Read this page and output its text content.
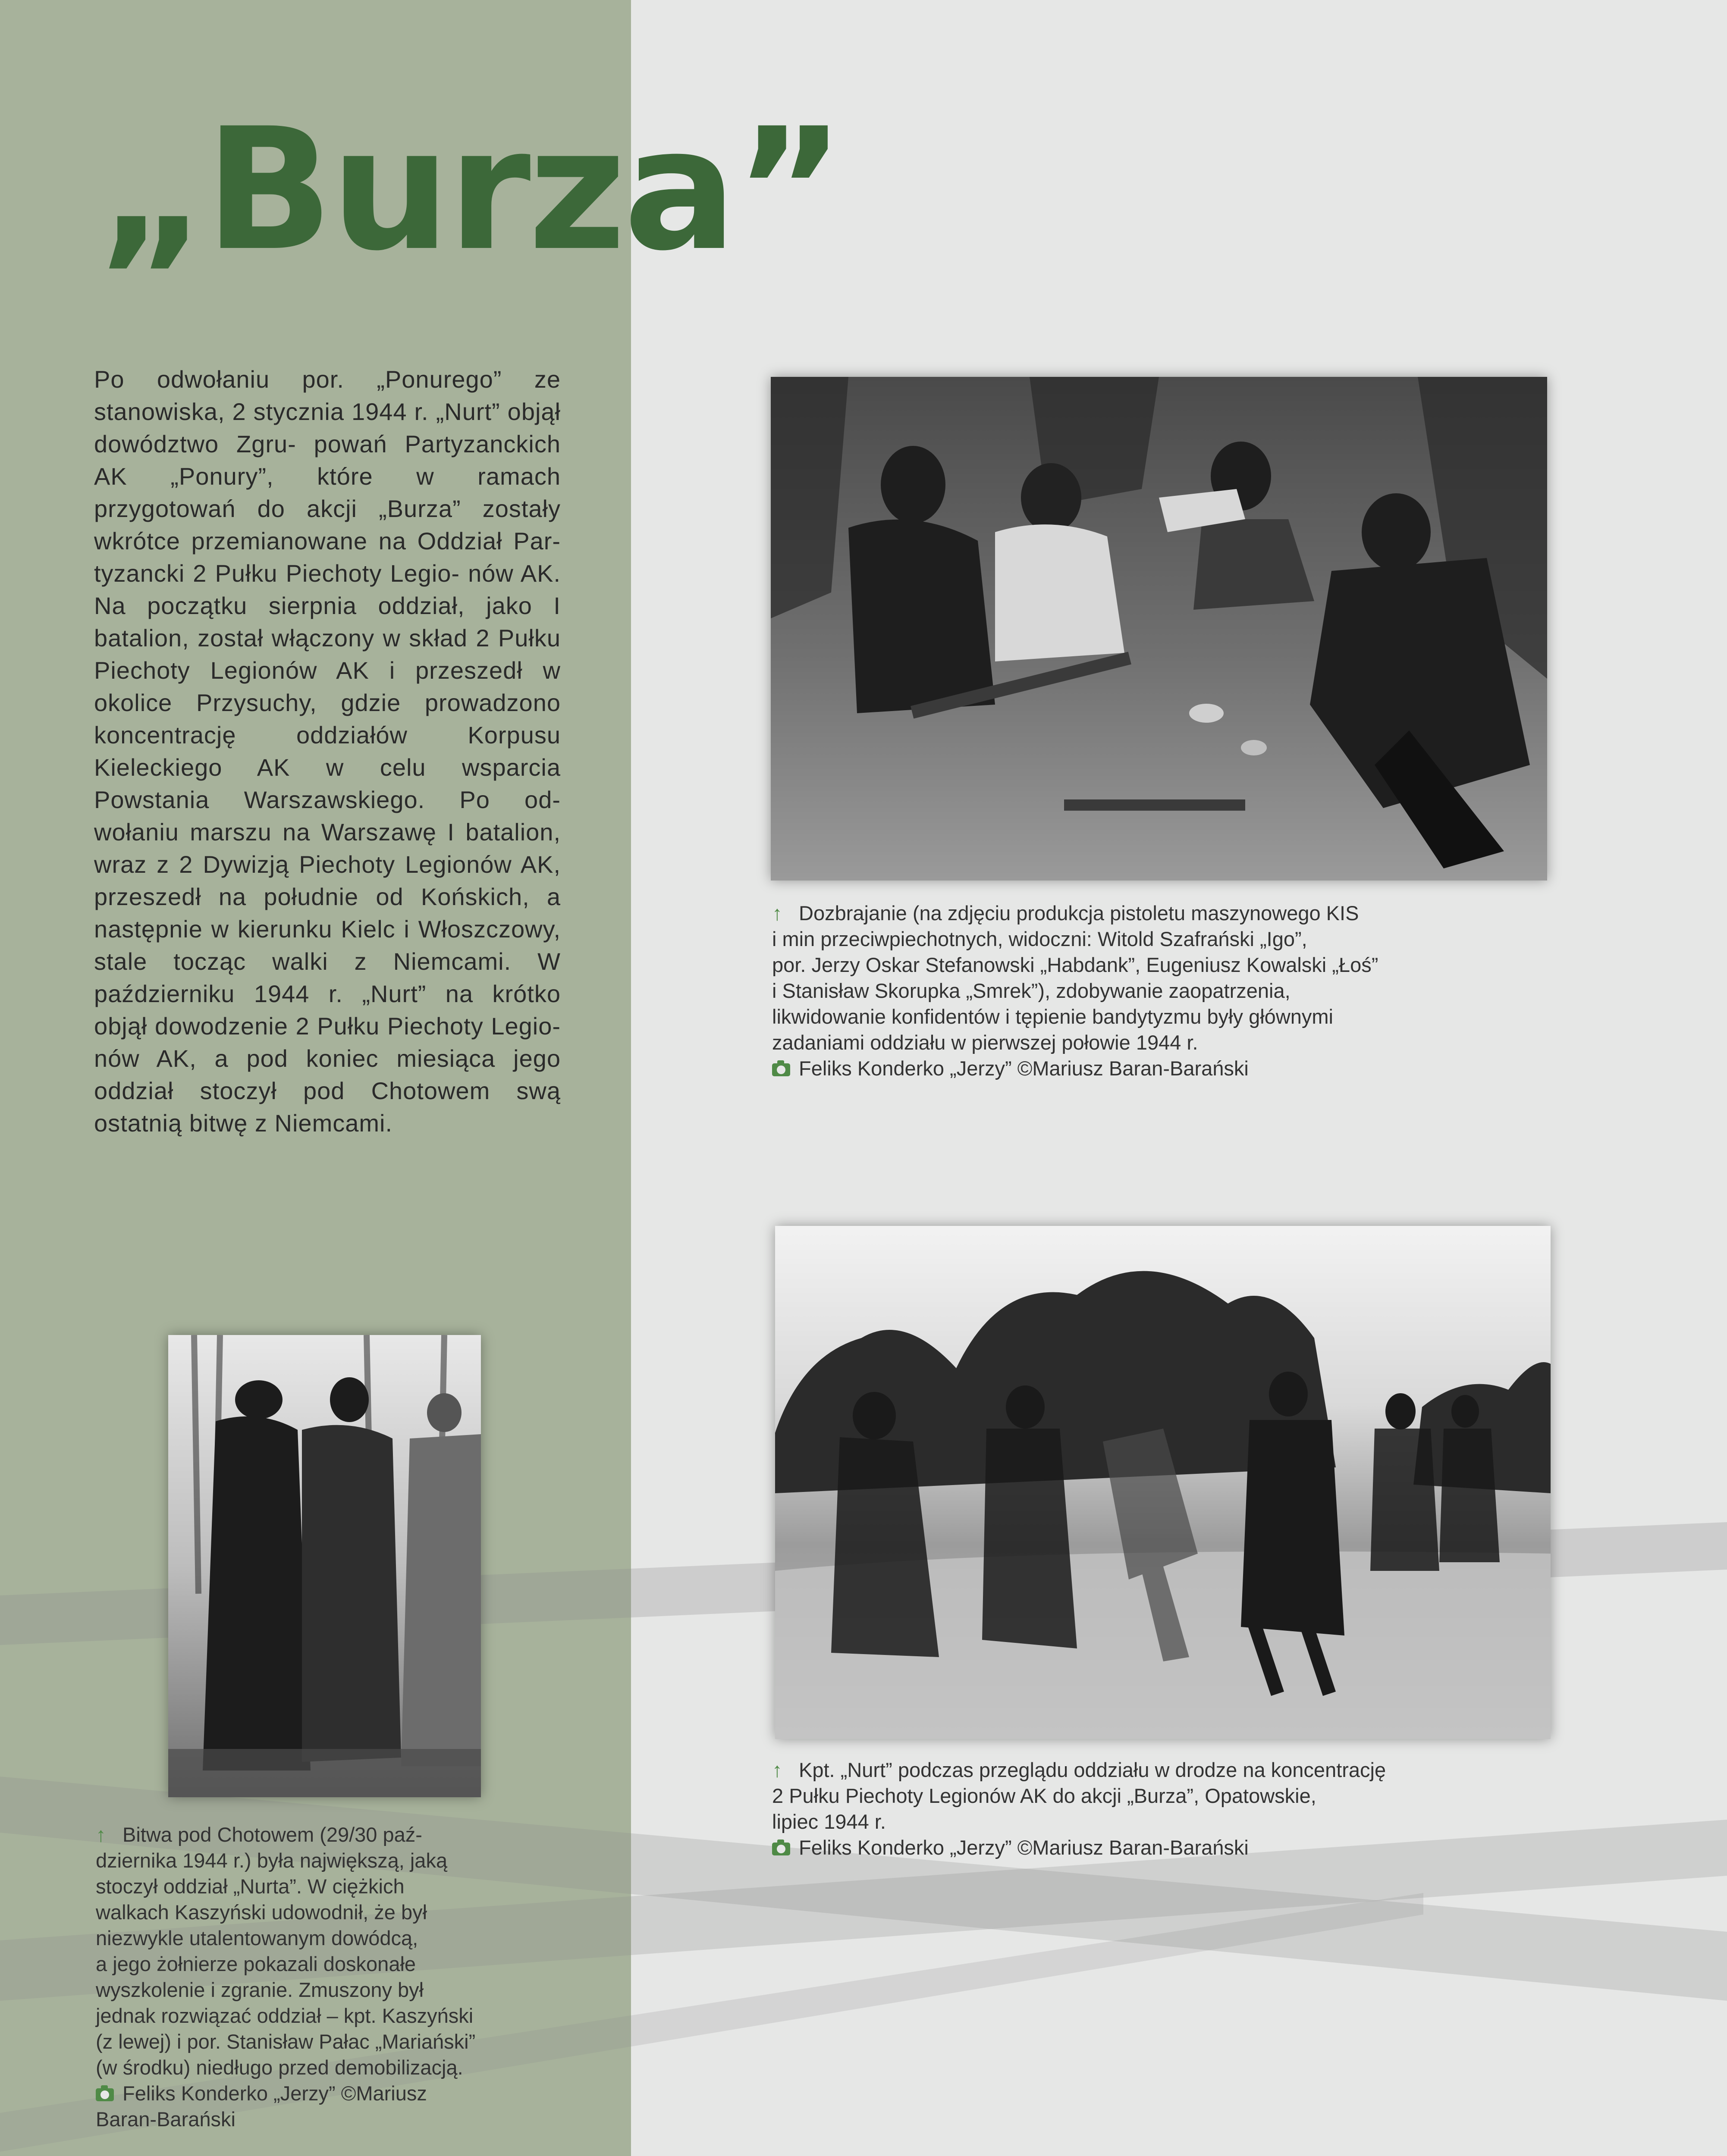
„Burza”
Po odwołaniu por. „Ponurego” ze stanowiska, 2 stycznia 1944 r. „Nurt” objął dowództwo Zgru- powań Partyzanckich AK „Ponury”, które w ramach przygotowań do akcji „Burza” zostały wkrótce przemianowane na Oddział Par- tyzancki 2 Pułku Piechoty Legio- nów AK. Na początku sierpnia oddział, jako I batalion, został włączony w skład 2 Pułku Piechoty Legionów AK i przeszedł w okolice Przysuchy, gdzie prowadzono koncentrację oddziałów Korpusu Kieleckiego AK w celu wsparcia Powstania Warszawskiego. Po od- wołaniu marszu na Warszawę I batalion, wraz z 2 Dywizją Piechoty Legionów AK, przeszedł na południe od Końskich, a następnie w kierunku Kielc i Włoszczowy, stale tocząc walki z Niemcami. W październiku 1944 r. „Nurt” na krótko objął dowodzenie 2 Pułku Piechoty Legio- nów AK, a pod koniec miesiąca jego oddział stoczył pod Chotowem swą ostatnią bitwę z Niemcami.

↑ Dozbrajanie (na zdjęciu produkcja pistoletu maszynowego KIS
i min przeciwpiechotnych, widoczni: Witold Szafrański „Igo”,
por. Jerzy Oskar Stefanowski „Habdank”, Eugeniusz Kowalski „Łoś”
i Stanisław Skorupka „Smrek”), zdobywanie zaopatrzenia,
likwidowanie konfidentów i tępienie bandytyzmu były głównymi
zadaniami oddziału w pierwszej połowie 1944 r.
Feliks Konderko „Jerzy” ©Mariusz Baran-Barański

↑ Kpt. „Nurt” podczas przeglądu oddziału w drodze na koncentrację
2 Pułku Piechoty Legionów AK do akcji „Burza”, Opatowskie,
lipiec 1944 r.
Feliks Konderko „Jerzy” ©Mariusz Baran-Barański

↑ Bitwa pod Chotowem (29/30 paź-
dziernika 1944 r.) była największą, jaką
stoczył oddział „Nurta”. W ciężkich
walkach Kaszyński udowodnił, że był
niezwykle utalentowanym dowódcą,
a jego żołnierze pokazali doskonałe
wyszkolenie i zgranie. Zmuszony był
jednak rozwiązać oddział – kpt. Kaszyński
(z lewej) i por. Stanisław Pałac „Mariański”
(w środku) niedługo przed demobilizacją.
Feliks Konderko „Jerzy” ©Mariusz
Baran-Barański
